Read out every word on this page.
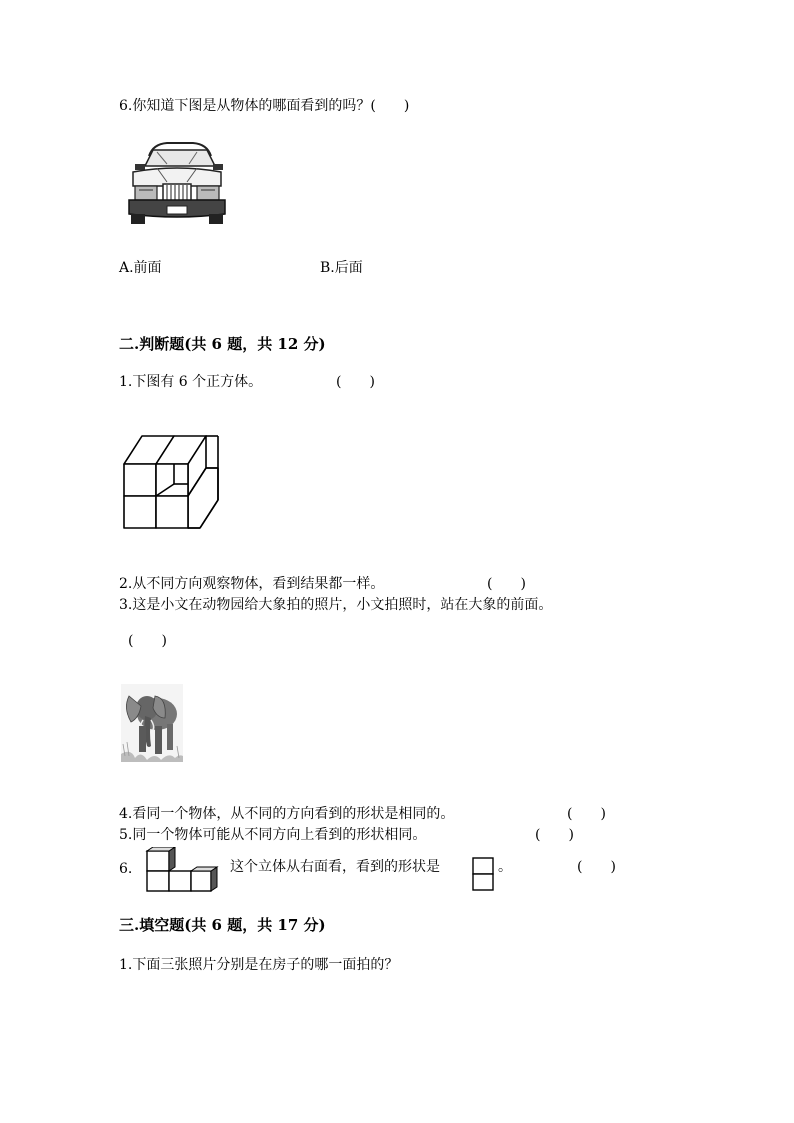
6.你知道下图是从物体的哪面看到的吗？(　　)
A.前面	B.后面
二.判断题(共 6 题，共 12 分)
1.下图有 6 个正方体。	(　　)
2.从不同方向观察物体，看到结果都一样。	(　　)
3.这是小文在动物园给大象拍的照片，小文拍照时，站在大象的前面。
(　　)
4.看同一个物体，从不同的方向看到的形状是相同的。	(　　)
5.同一个物体可能从不同方向上看到的形状相同。	(　　)
6.	这个立体从右面看，看到的形状是	。	(　　)
三.填空题(共 6 题，共 17 分)
1.下面三张照片分别是在房子的哪一面拍的？
